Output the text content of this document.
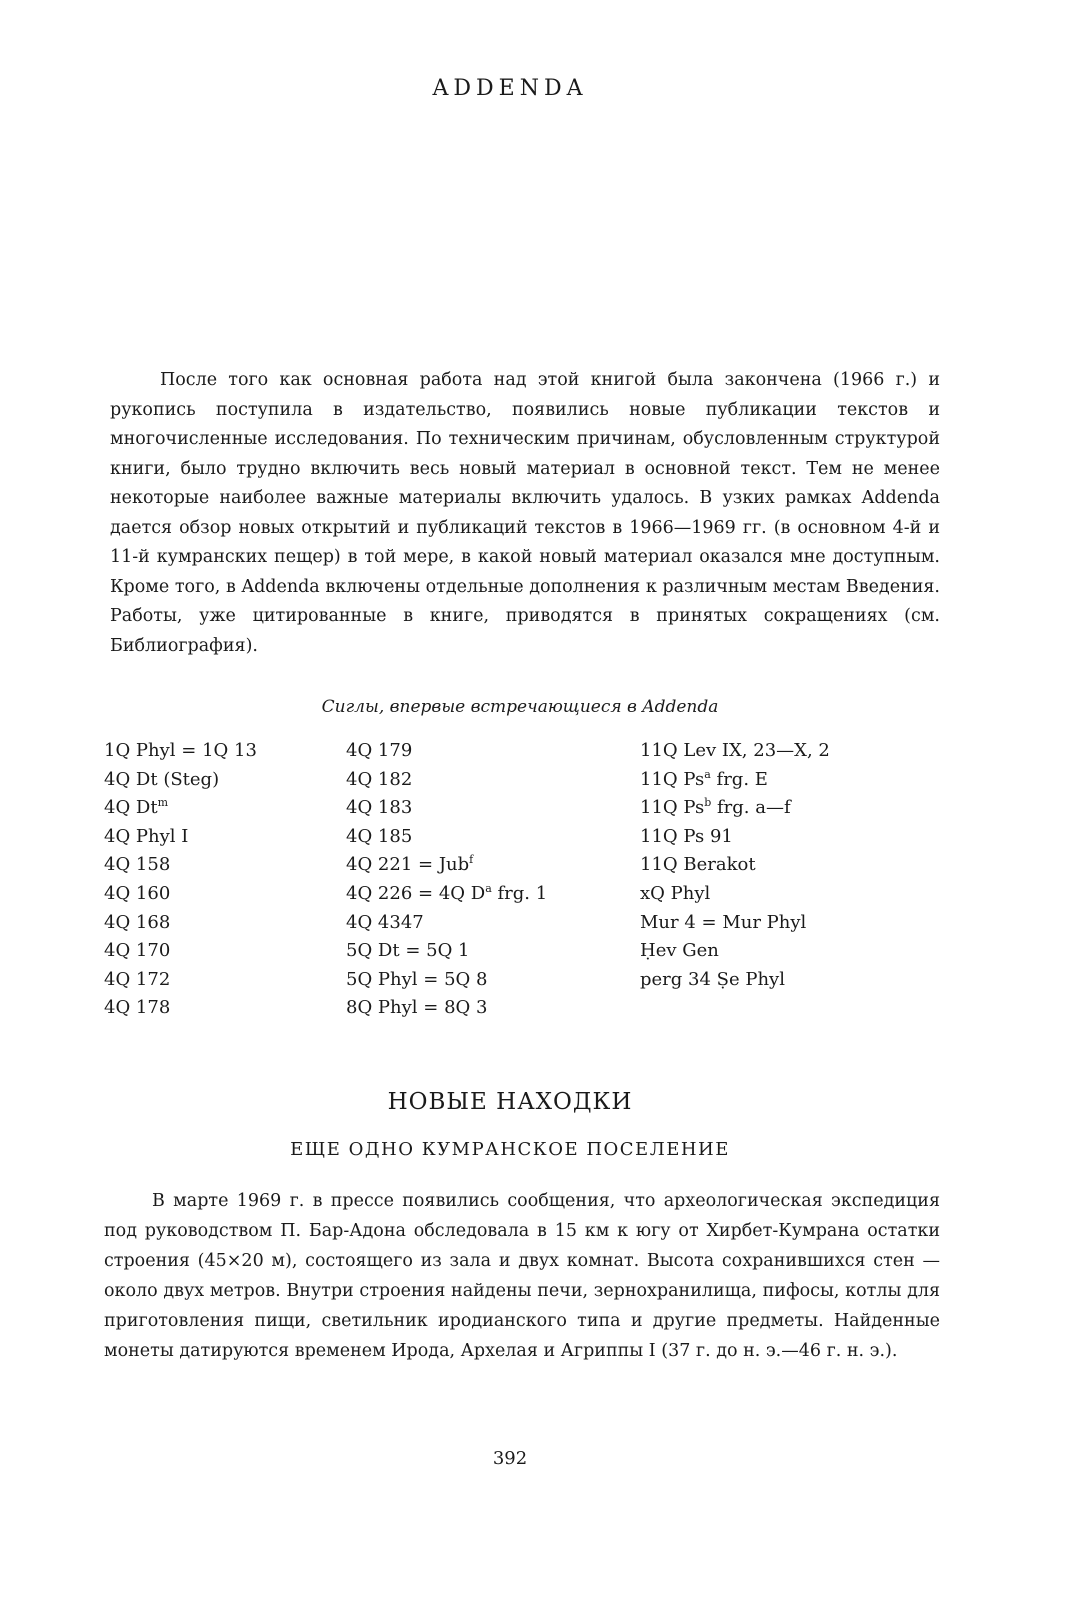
ADDENDA

После того как основная работа над этой книгой была закончена (1966 г.) и рукопись поступила в издательство, появились новые публикации текстов и многочисленные исследования. По техническим причинам, обусловленным структурой книги, было трудно включить весь новый материал в основной текст. Тем не менее некоторые наиболее важные материалы включить удалось. В узких рамках Addenda дается обзор новых открытий и публикаций текстов в 1966—1969 гг. (в основном 4-й и 11-й кумранских пещер) в той мере, в какой новый материал оказался мне доступным. Кроме того, в Addenda включены отдельные дополнения к различным местам Введения. Работы, уже цитированные в книге, приводятся в принятых сокращениях (см. Библиография).

Сиглы, впервые встречающиеся в Addenda
1Q Phyl = 1Q 13
4Q Dt (Steg)
4Q Dt$^m$
4Q Phyl I
4Q 158
4Q 160
4Q 168
4Q 170
4Q 172
4Q 178
4Q 179
4Q 182
4Q 183
4Q 185
4Q 221 = Jub$^f$
4Q 226 = 4Q $D^a$ frg. 1
4Q 4347
5Q Dt = 5Q 1
5Q Phyl = 5Q 8
8Q Phyl = 8Q 3
11Q Lev IX, 23—X, 2
11Q Ps$^a$ frg. E
11Q Ps$^b$ frg. a—f
11Q Ps 91
11Q Berakot
xQ Phyl
Mur 4 = Mur Phyl
Ḥev Gen
perg 34 Ṣe Phyl
НОВЫЕ НАХОДКИ
ЕЩЕ ОДНО КУМРАНСКОЕ ПОСЕЛЕНИЕ

В марте 1969 г. в прессе появились сообщения, что археологическая экспедиция под руководством П. Бар-Адона обследовала в 15 км к югу от Хирбет-Кумрана остатки строения (45×20 м), состоящего из зала и двух комнат. Высота сохранившихся стен — около двух метров. Внутри строения найдены печи, зернохранилища, пифосы, котлы для приготовления пищи, светильник иродианского типа и другие предметы. Найденные монеты датируются временем Ирода, Архелая и Агриппы I (37 г. до н. э.—46 г. н. э.).

392
